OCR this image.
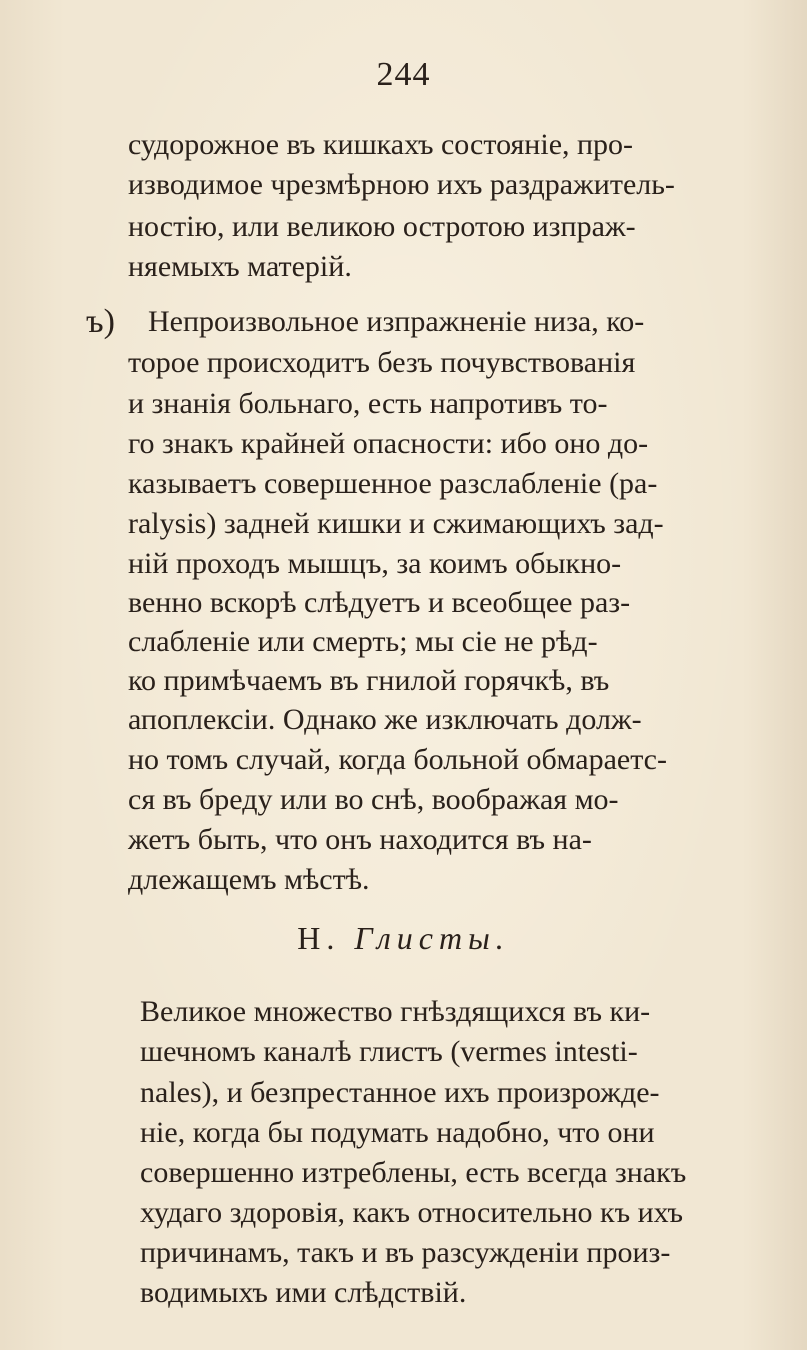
244
судорожное въ кишкахъ состояніе, про-
изводимое чрезмѣрною ихъ раздражитель-
ностію, или великою остротою изпраж-
няемыхъ матерій.
ъ) Непроизвольное изпражненіе низа, ко-
торое происходитъ безъ почувствованія
и знанія больнаго, есть напротивъ то-
го знакъ крайней опасности: ибо оно до-
казываетъ совершенное разслабленіе (pa-
ralysis) задней кишки и сжимающихъ зад-
ній проходъ мышцъ, за коимъ обыкно-
венно вскорѣ слѣдуетъ и всеобщее раз-
слабленіе или смерть; мы сіе не рѣд-
ко примѣчаемъ въ гнилой горячкѣ, въ
апоплексіи. Однако же изключать долж-
но томъ случай, когда больной обмараетс-
ся въ бреду или во снѣ, воображая мо-
жетъ быть, что онъ находится въ на-
длежащемъ мѣстѣ.
H. Глисты.
Великое множество гнѣздящихся въ ки-
шечномъ каналѣ глистъ (vermes intesti-
nales), и безпрестанное ихъ произрожде-
ніе, когда бы подумать надобно, что они
совершенно изтреблены, есть всегда знакъ
худаго здоровія, какъ относительно къ ихъ
причинамъ, такъ и въ разсужденіи произ-
водимыхъ ими слѣдствій.
